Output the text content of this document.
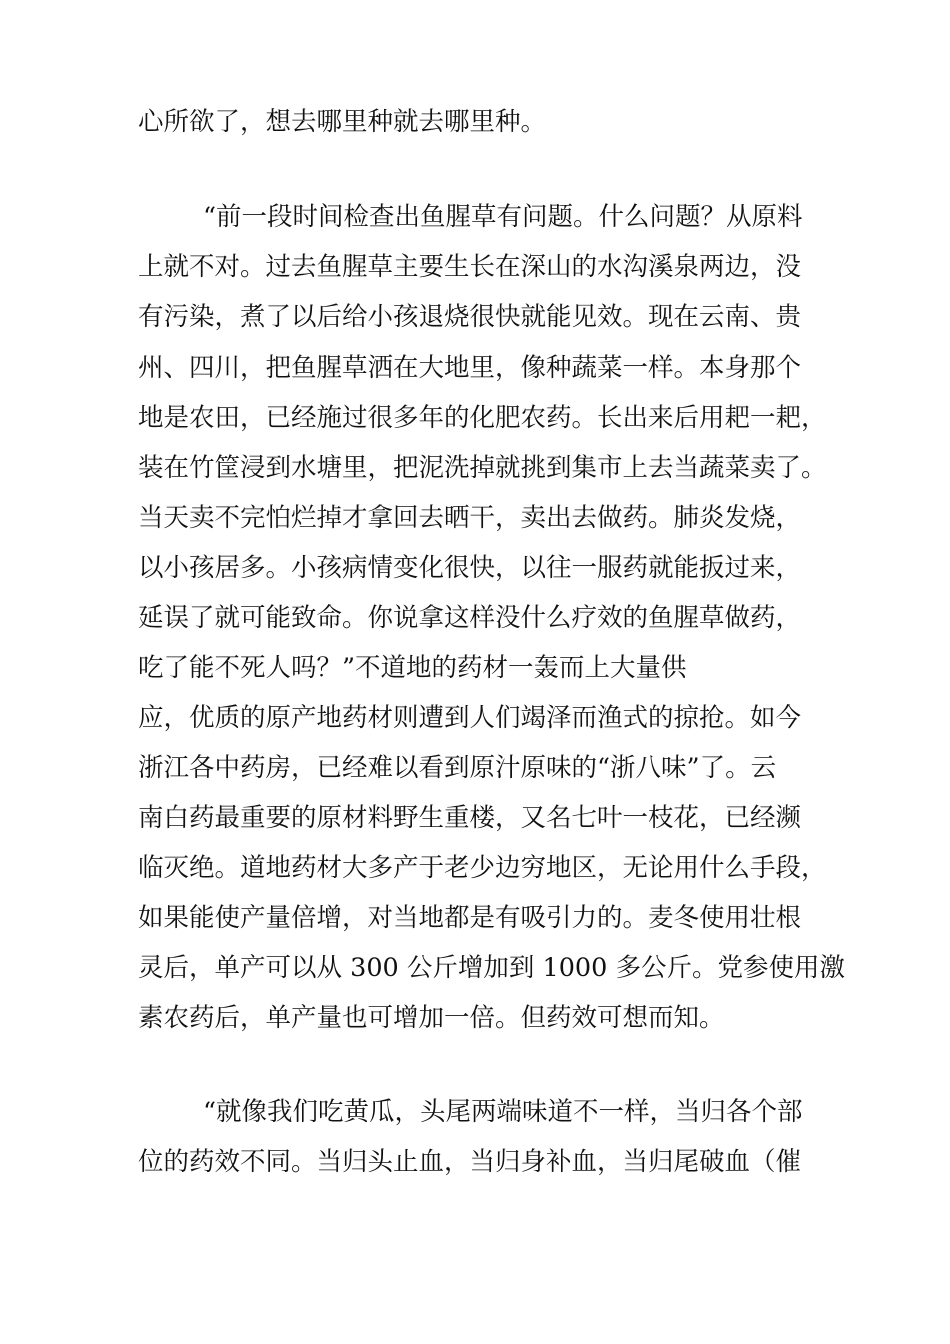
心所欲了，想去哪里种就去哪里种。
“前一段时间检查出鱼腥草有问题。什么问题？从原料
上就不对。过去鱼腥草主要生长在深山的水沟溪泉两边，没
有污染，煮了以后给小孩退烧很快就能见效。现在云南、贵
州、四川，把鱼腥草洒在大地里，像种蔬菜一样。本身那个
地是农田，已经施过很多年的化肥农药。长出来后用耙一耙，
装在竹筐浸到水塘里，把泥洗掉就挑到集市上去当蔬菜卖了。
当天卖不完怕烂掉才拿回去晒干，卖出去做药。肺炎发烧，
以小孩居多。小孩病情变化很快，以往一服药就能扳过来，
延误了就可能致命。你说拿这样没什么疗效的鱼腥草做药，
吃了能不死人吗？”不道地的药材一轰而上大量供
应，优质的原产地药材则遭到人们竭泽而渔式的掠抢。如今
浙江各中药房，已经难以看到原汁原味的“浙八味”了。云
南白药最重要的原材料野生重楼，又名七叶一枝花，已经濒
临灭绝。道地药材大多产于老少边穷地区，无论用什么手段，
如果能使产量倍增，对当地都是有吸引力的。麦冬使用壮根
灵后，单产可以从 300 公斤增加到 1000 多公斤。党参使用激
素农药后，单产量也可增加一倍。但药效可想而知。
“就像我们吃黄瓜，头尾两端味道不一样，当归各个部
位的药效不同。当归头止血，当归身补血，当归尾破血（催
